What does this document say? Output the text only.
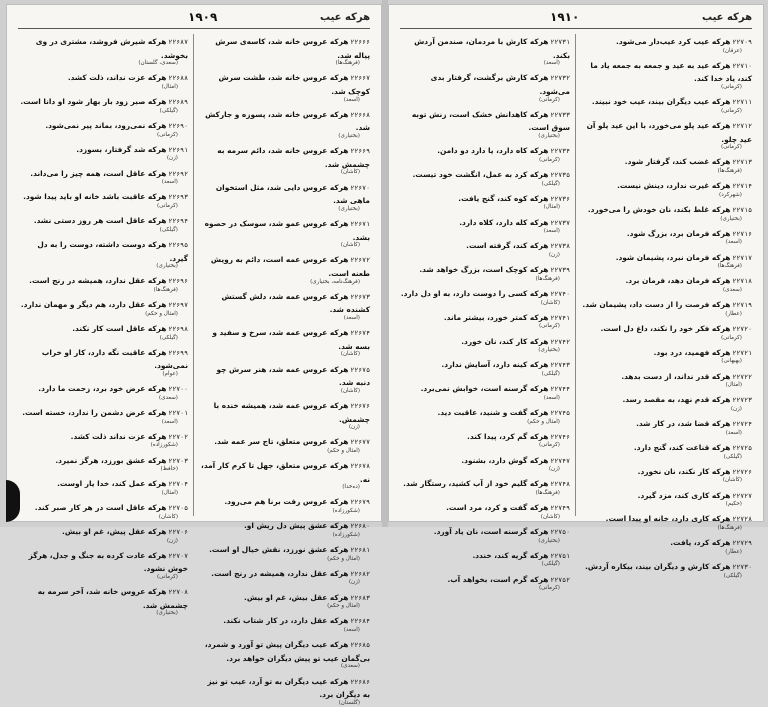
هرکه عیب
۱۹۰۹
۲۲۶۶۶هرکه عروس خانه شد، کاسه‌ی سرش پیاله شد.
(فرهنگ‌ها)
۲۲۶۶۷هرکه عروس خانه شد، طشت سرش کوچک شد.
(اسعد)
۲۲۶۶۸هرکه عروس خانه شد، پسوزه و جارکش شد.
(بختیاری)
۲۲۶۶۹هرکه عروس خانه شد، دائم سرمه به چشمش شد.
(کاشان)
۲۲۶۷۰هرکه عروس دایی شد، مثل استخوان ماهی شد.
(بختیاری)
۲۲۶۷۱هرکه عروس عمو شد، سوسک در حصوه بشد.
(کاشان)
۲۲۶۷۲هرکه عروس عمه است، دائم به رویش طعنه است.
(فرهنگ‌نامه، بختیاری)
۲۲۶۷۳هرکه عروس عمه شد، دلش گستش کشنده شد.
(اسعد)
۲۲۶۷۴هرکه عروس عمه شد، سرخ و سفید و بسه شد.
(کاشان)
۲۲۶۷۵هرکه عروس عمه شد، هنر سرش چو دنبه شد.
(کاشان)
۲۲۶۷۶هرکه عروس عمه شد، همیشه خنده با چشمش.
(زن)
۲۲۶۷۷هرکه عروس متعلق، تاج سر عمه شد.
(امثال و حکم)
۲۲۶۷۸هرکه عروس متعلق، جهل تا کرم کار آمد، نه.
(ده‌خدا)
۲۲۶۷۹هرکه عروس رفت برنا هم می‌رود.
(شکورزاده)
۲۲۶۸۰هرکه عشق پیش دل ریش او.
(شکورزاده)
۲۲۶۸۱هرکه عشق نورزد، نقش خیال او است.
(امثال و حکم)
۲۲۶۸۲هرکه عقل ندارد، همیشه در رنج است.
(زن)
۲۲۶۸۳هرکه عقل بیش، غم او بیش.
(امثال و حکم)
۲۲۶۸۴هرکه عقل دارد، در کار شتاب نکند.
(اسعد)
۲۲۶۸۵هرکه عیب دیگران پیش تو آورد و شمرد، بی‌گمان عیب تو پیش دیگران خواهد برد.
(سعدی)
۲۲۶۸۶هرکه عیب دیگران به تو آرد، عیب تو نیز به دیگران برد.
(گلستان)
۲۲۶۸۷هرکه شیرش فروشد، مشتری در وی بخوشد.
(سعدی، گلستان)
۲۲۶۸۸هرکه عزت نداند، ذلت کشد.
(امثال)
۲۲۶۸۹هرکه صبر زود بار بهار شود او دانا است.
(گیلکی)
۲۲۶۹۰هرکه نمی‌رود، بماند پیر نمی‌شود.
(کرمانی)
۲۲۶۹۱هرکه شد گرفتار، بسوزد.
(زن)
۲۲۶۹۲هرکه عاقل است، همه چیز را می‌داند.
(اسعد)
۲۲۶۹۳هرکه عاقبت باشد خانه او باید پیدا شود.
(کرمانی)
۲۲۶۹۴هرکه عاقل است هر روز دستی نشد.
(گیلکی)
۲۲۶۹۵هرکه دوست داشته، دوست را به دل گیرد.
(بختیاری)
۲۲۶۹۶هرکه عقل ندارد، همیشه در رنج است.
(فرهنگ‌ها)
۲۲۶۹۷هرکه عقل دارد، هم دیگر و مهمان ندارد.
(امثال و حکم)
۲۲۶۹۸هرکه عاقل است کار نکند.
(گیلکی)
۲۲۶۹۹هرکه عاقبت نگه دارد، کار او خراب نمی‌شود.
(عوام)
۲۲۷۰۰هرکه عرض خود برد، زحمت ما دارد.
(سعدی)
۲۲۷۰۱هرکه عرض دشمن را ندارد، خسته است.
(اسعد)
۲۲۷۰۲هرکه عزت نداند ذلت کشد.
(شکورزاده)
۲۲۷۰۳هرکه عشق بورزد، هرگز نمیرد.
(حافظ)
۲۲۷۰۴هرکه عمل کند، خدا یار اوست.
(امثال)
۲۲۷۰۵هرکه عاقل است در هر کار صبر کند.
(کاشان)
۲۲۷۰۶هرکه عقل پیش، غم او بیش.
(زن)
۲۲۷۰۷هرکه عادت کرده به جنگ و جدل، هرگز خوش نشود.
(کرمانی)
۲۲۷۰۸هرکه عروس خانه شد، آخر سرمه به چشمش شد.
(بختیاری)
هرکه عیب
۱۹۱۰
۲۲۷۰۹هرکه عیب کرد عیب‌دار می‌شود.
(عرفان)
۲۲۷۱۰هرکه عید به عید و جمعه به جمعه یاد ما کند، یاد خدا کند.
(کرمانی)
۲۲۷۱۱هرکه عیب دیگران بیند، عیب خود نبیند.
(کرمانی)
۲۲۷۱۲هرکه عید پلو می‌خورد، با این عید پلو آن عید چلو.
(کرمانی)
۲۲۷۱۳هرکه غضب کند، گرفتار شود.
(فرهنگ‌ها)
۲۲۷۱۴هرکه غیرت ندارد، دینش نیست.
(شهرکرد)
۲۲۷۱۵هرکه غلط بکند، نان خودش را می‌خورد.
(بختیاری)
۲۲۷۱۶هرکه فرمان برد، بزرگ شود.
(اسعد)
۲۲۷۱۷هرکه فرمان نبرد، پشیمان شود.
(فرهنگ‌ها)
۲۲۷۱۸هرکه فرمان دهد، فرمان برد.
(سعدی)
۲۲۷۱۹هرکه فرصت را از دست داد، پشیمان شد.
(عطار)
۲۲۷۲۰هرکه فکر خود را نکند، داغ دل است.
(کرمانی)
۲۲۷۲۱هرکه فهمید، درد بود.
(بهبهانی)
۲۲۷۲۲هرکه قدر نداند، از دست بدهد.
(امثال)
۲۲۷۲۳هرکه قدم نهد، به مقصد رسد.
(زن)
۲۲۷۲۴هرکه قضا شد، در کار شد.
(اسعد)
۲۲۷۲۵هرکه قناعت کند، گنج دارد.
(گیلکی)
۲۲۷۲۶هرکه کار نکند، نان نخورد.
(کاشان)
۲۲۷۲۷هرکه کاری کند، مزد گیرد.
(حکیم)
۲۲۷۲۸هرکه کاری دارد، خانه او پیدا است.
(فرهنگ‌ها)
۲۲۷۲۹هرکه کرد، یافت.
(عطار)
۲۲۷۳۰هرکه کارش و دیگران بیند، بیکاره آردش.
(گیلکی)
۲۲۷۳۱هرکه کارش با مردمان، صندمن آردش بکند.
(اسعد)
۲۲۷۳۲هرکه کارش برگشت، گرفتار بدی می‌شود.
(کرمانی)
۲۲۷۳۳هرکه کاهدانش خشک است، زنش توبه سوق است.
(بختیاری)
۲۲۷۳۴هرکه کاه دارد، یا دارد دو دامن.
(کرمانی)
۲۲۷۳۵هرکه کرد به عمل، انگشت خود تیست.
(گیلکی)
۲۲۷۳۶هرکه کوه کند، گنج یافت.
(امثال)
۲۲۷۳۷هرکه کله دارد، کلاه دارد.
(اسعد)
۲۲۷۳۸هرکه کند، گرفته است.
(زن)
۲۲۷۳۹هرکه کوچک است، بزرگ خواهد شد.
(فرهنگ‌ها)
۲۲۷۴۰هرکه کسی را دوست دارد، به او دل دارد.
(کاشان)
۲۲۷۴۱هرکه کمتر خورد، بیشتر ماند.
(کرمانی)
۲۲۷۴۲هرکه کار کند، نان خورد.
(بختیاری)
۲۲۷۴۳هرکه کینه دارد، آسایش ندارد.
(گیلکی)
۲۲۷۴۴هرکه گرسنه است، خوابش نمی‌برد.
(اسعد)
۲۲۷۴۵هرکه گفت و شنید، عاقبت دید.
(امثال و حکم)
۲۲۷۴۶هرکه گم کرد، پیدا کند.
(کرمانی)
۲۲۷۴۷هرکه گوش دارد، بشنود.
(زن)
۲۲۷۴۸هرکه گلیم خود از آب کشید، رستگار شد.
(فرهنگ‌ها)
۲۲۷۴۹هرکه گفت و کرد، مرد است.
(کاشان)
۲۲۷۵۰هرکه گرسنه است، نان یاد آورد.
(بختیاری)
۲۲۷۵۱هرکه گریه کند، خندد.
(گیلکی)
۲۲۷۵۲هرکه گرم است، بخواهد آب.
(کرمانی)
